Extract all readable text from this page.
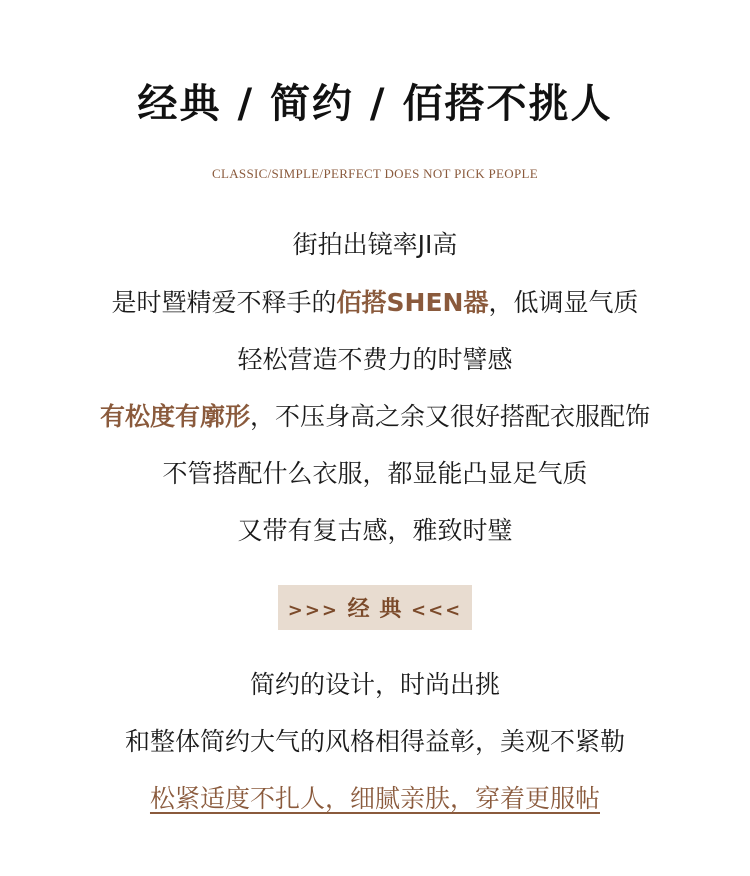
经典 / 简约 / 佰搭不挑人
CLASSIC/SIMPLE/PERFECT DOES NOT PICK PEOPLE
街拍出镜率JI高
是时暨精爱不释手的佰搭SHEN器，低调显气质
轻松营造不费力的时譬感
有松度有廓形，不压身高之余又很好搭配衣服配饰
不管搭配什么衣服，都显能凸显足气质
又带有复古感，雅致时璧
>>> 经 典 <<<
简约的设计，时尚出挑
和整体简约大气的风格相得益彰，美观不紧勒
松紧适度不扎人，细腻亲肤，穿着更服帖
